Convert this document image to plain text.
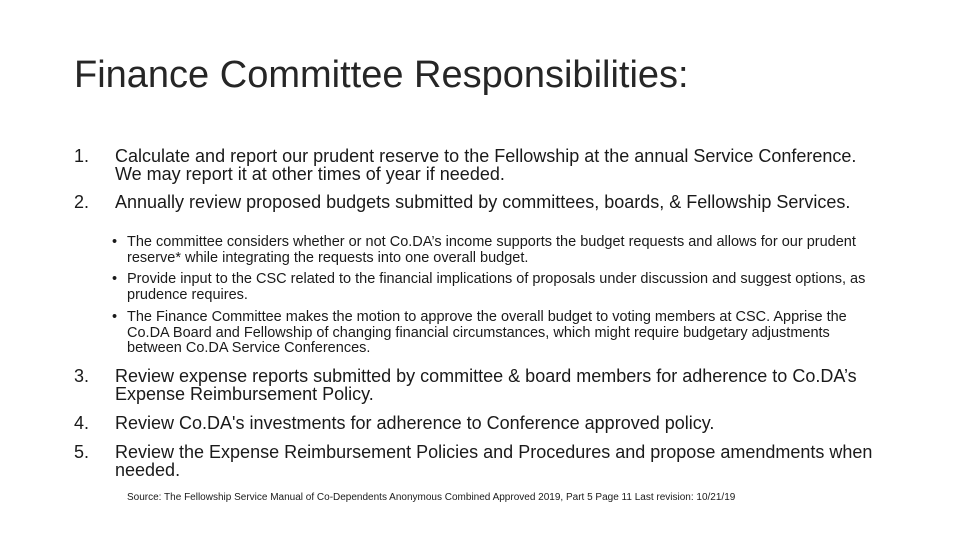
Finance Committee Responsibilities:
1.	Calculate and report our prudent reserve to the Fellowship at the annual Service Conference. We may report it at other times of year if needed.
2.	Annually review proposed budgets submitted by committees, boards, & Fellowship Services.
• The committee considers whether or not Co.DA’s income supports the budget requests and allows for our prudent reserve* while integrating the requests into one overall budget.
• Provide input to the CSC related to the financial implications of proposals under discussion and suggest options, as prudence requires.
• The Finance Committee makes the motion to approve the overall budget to voting members at CSC. Apprise the Co.DA Board and Fellowship of changing financial circumstances, which might require budgetary adjustments between Co.DA Service Conferences.
3.	Review expense reports submitted by committee & board members for adherence to Co.DA’s Expense Reimbursement Policy.
4.	Review Co.DA's investments for adherence to Conference approved policy.
5.	Review the Expense Reimbursement Policies and Procedures and propose amendments when needed.
Source: The Fellowship Service Manual of Co-Dependents Anonymous Combined Approved 2019, Part 5 Page 11 Last revision: 10/21/19
